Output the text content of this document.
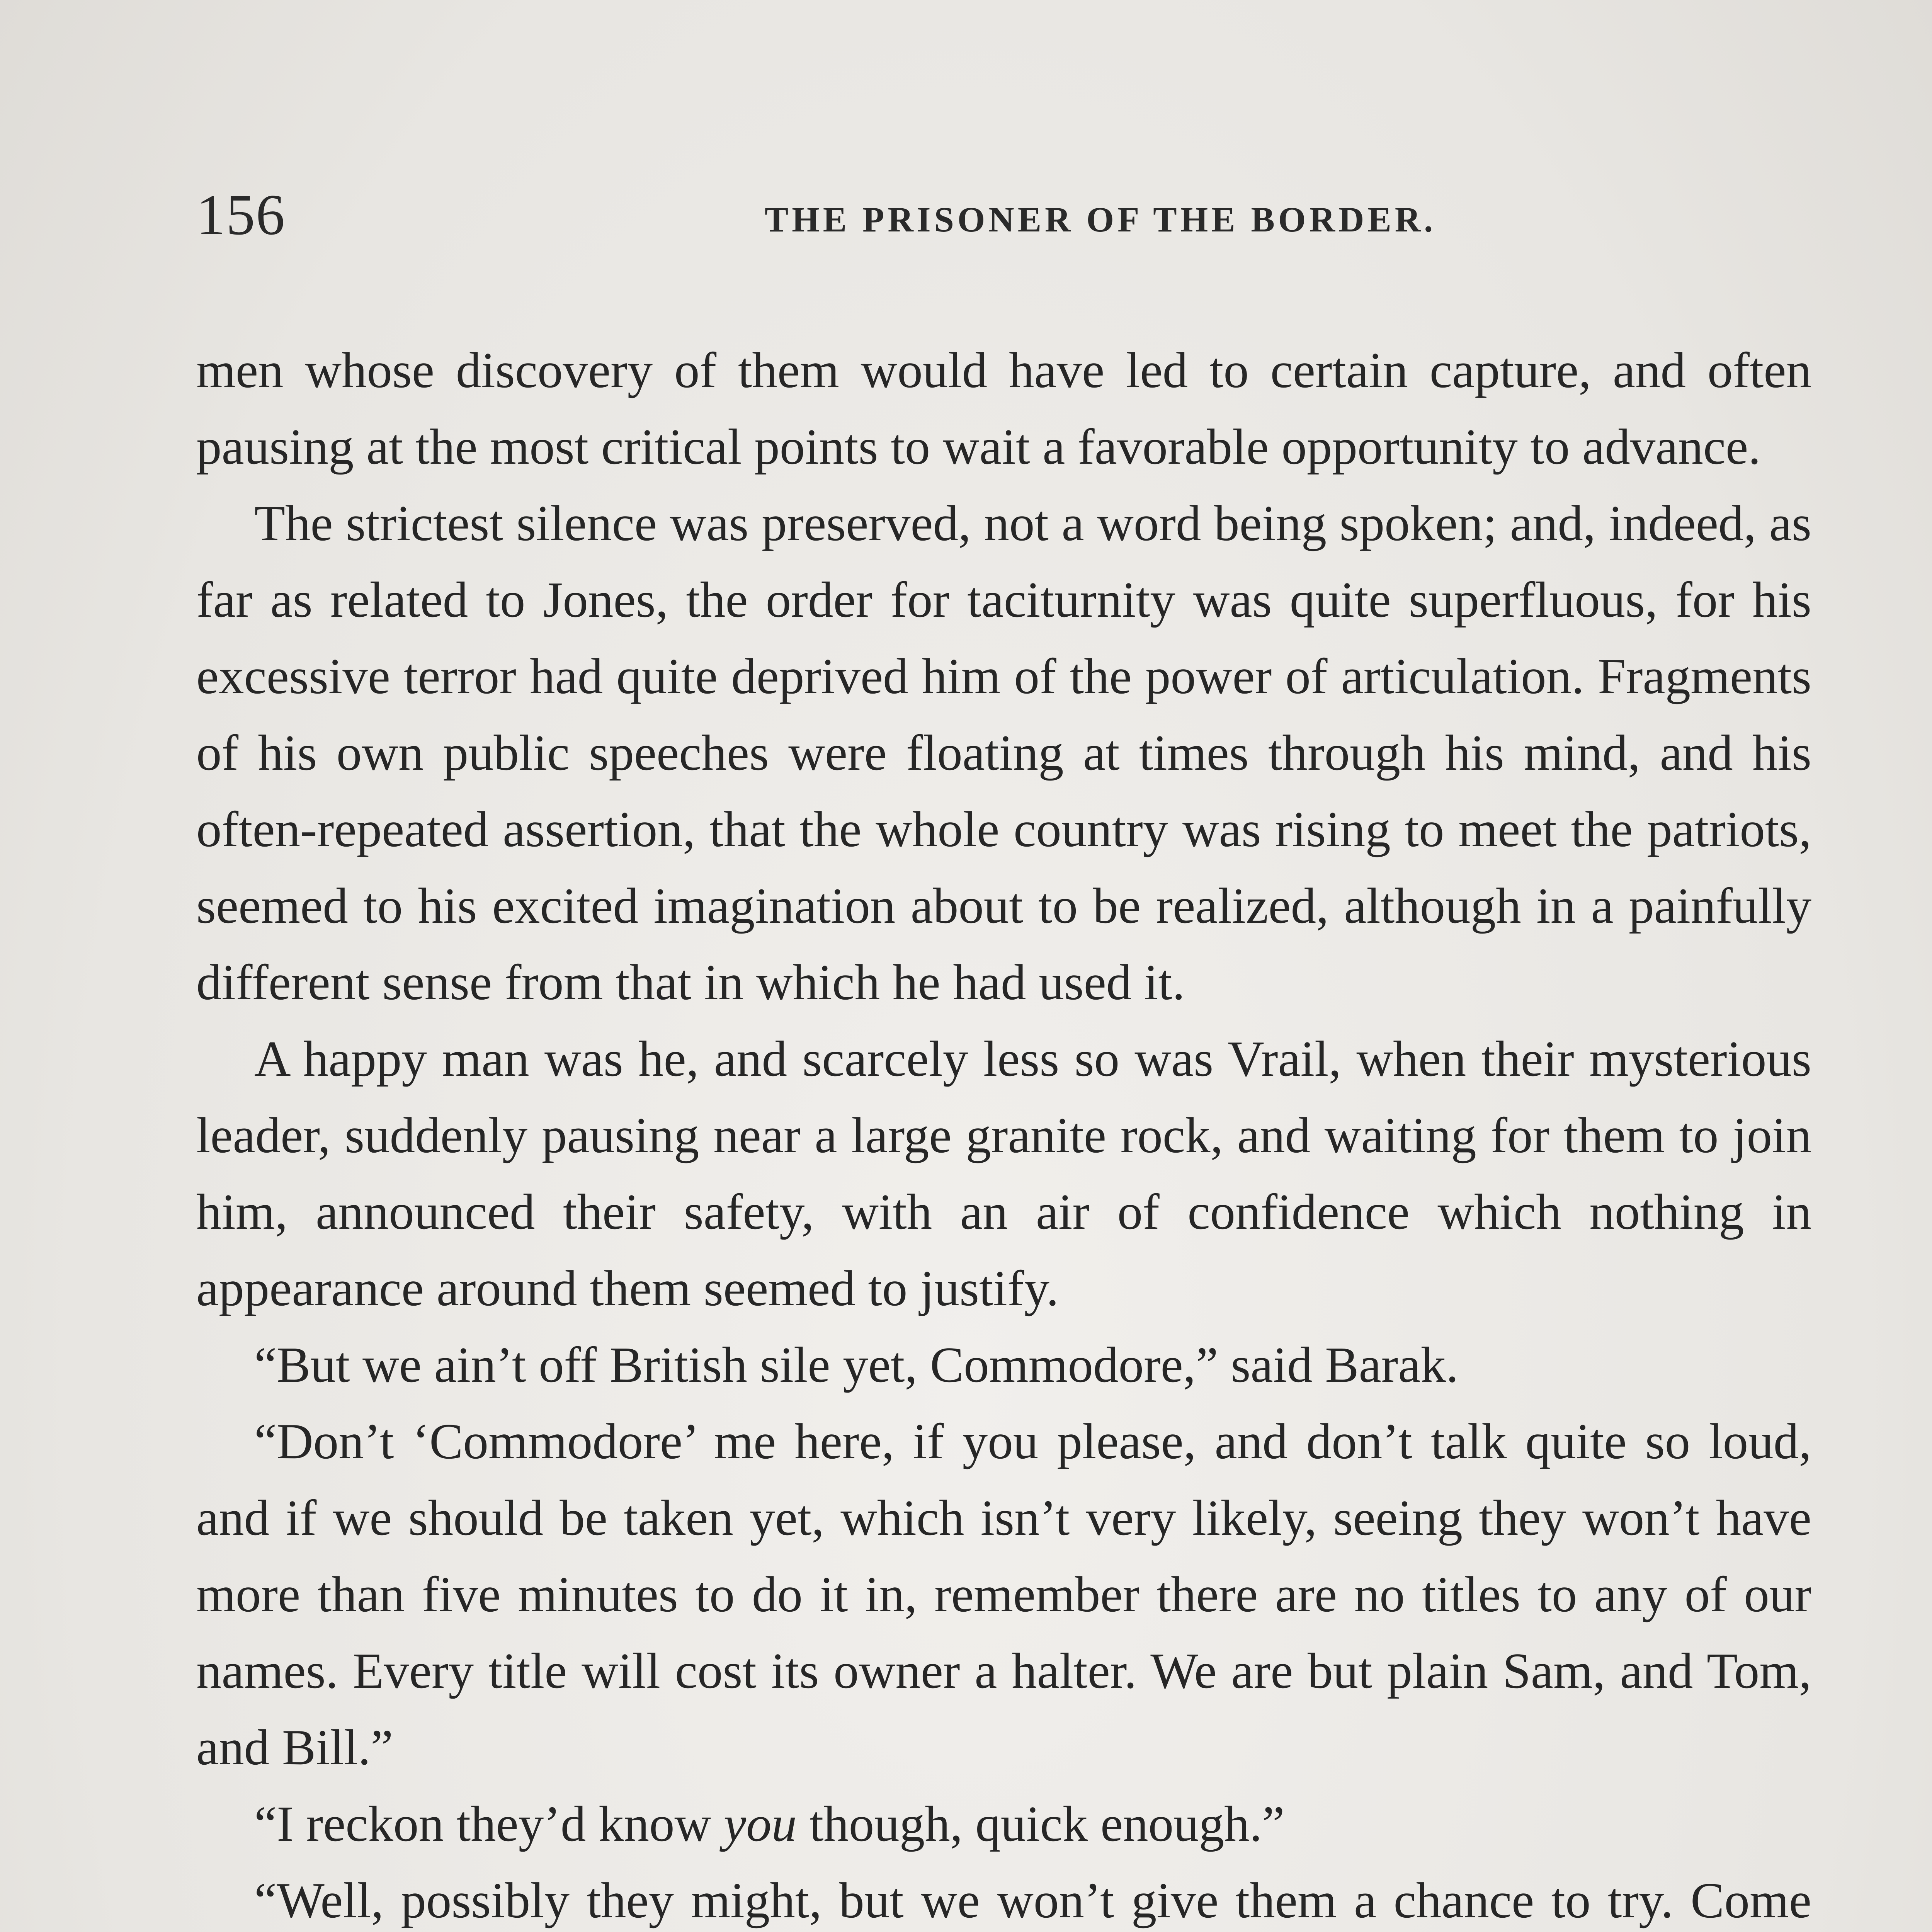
156	THE PRISONER OF THE BORDER.

men whose discovery of them would have led to certain capture, and often pausing at the most critical points to wait a favorable opportunity to advance.

The strictest silence was preserved, not a word being spoken; and, indeed, as far as related to Jones, the order for taciturnity was quite superfluous, for his excessive terror had quite deprived him of the power of articulation. Fragments of his own public speeches were floating at times through his mind, and his often-repeated assertion, that the whole country was rising to meet the patriots, seemed to his excited imagination about to be realized, although in a painfully different sense from that in which he had used it.

A happy man was he, and scarcely less so was Vrail, when their mysterious leader, suddenly pausing near a large granite rock, and waiting for them to join him, announced their safety, with an air of confidence which nothing in appearance around them seemed to justify.

“But we ain’t off British sile yet, Commodore,” said Barak.

“Don’t ‘Commodore’ me here, if you please, and don’t talk quite so loud, and if we should be taken yet, which isn’t very likely, seeing they won’t have more than five minutes to do it in, remember there are no titles to any of our names. Every title will cost its owner a halter. We are but plain Sam, and Tom, and Bill.”

“I reckon they’d know you though, quick enough.”

“Well, possibly they might, but we won’t give them a chance to try. Come
